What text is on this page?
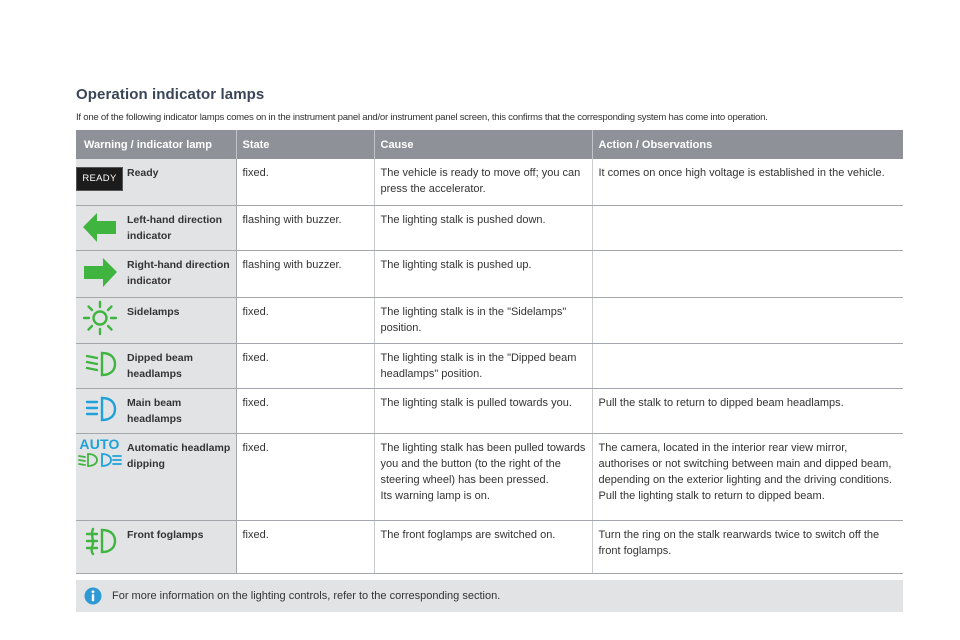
Operation indicator lamps
If one of the following indicator lamps comes on in the instrument panel and/or instrument panel screen, this confirms that the corresponding system has come into operation.
Warning / indicator lamp		State	Cause	Action / Observations
READY	Ready	fixed.	The vehicle is ready to move off; you can press the accelerator.	It comes on once high voltage is established in the vehicle.

	Left-hand direction indicator	flashing with buzzer.	The lighting stalk is pushed down.	

	Right-hand direction indicator	flashing with buzzer.	The lighting stalk is pushed up.	

	Sidelamps	fixed.	The lighting stalk is in the "Sidelamps" position.	

	Dipped beam headlamps	fixed.	The lighting stalk is in the "Dipped beam headlamps" position.	

	Main beam headlamps	fixed.	The lighting stalk is pulled towards you.	Pull the stalk to return to dipped beam headlamps.

AUTO	Automatic headlamp dipping	fixed.	The lighting stalk has been pulled towards you and the button (to the right of the steering wheel) has been pressed.
Its warning lamp is on.	The camera, located in the interior rear view mirror, authorises or not switching between main and dipped beam, depending on the exterior lighting and the driving conditions.
Pull the lighting stalk to return to dipped beam.

	Front foglamps	fixed.	The front foglamps are switched on.	Turn the ring on the stalk rearwards twice to switch off the front foglamps.
For more information on the lighting controls, refer to the corresponding section.
